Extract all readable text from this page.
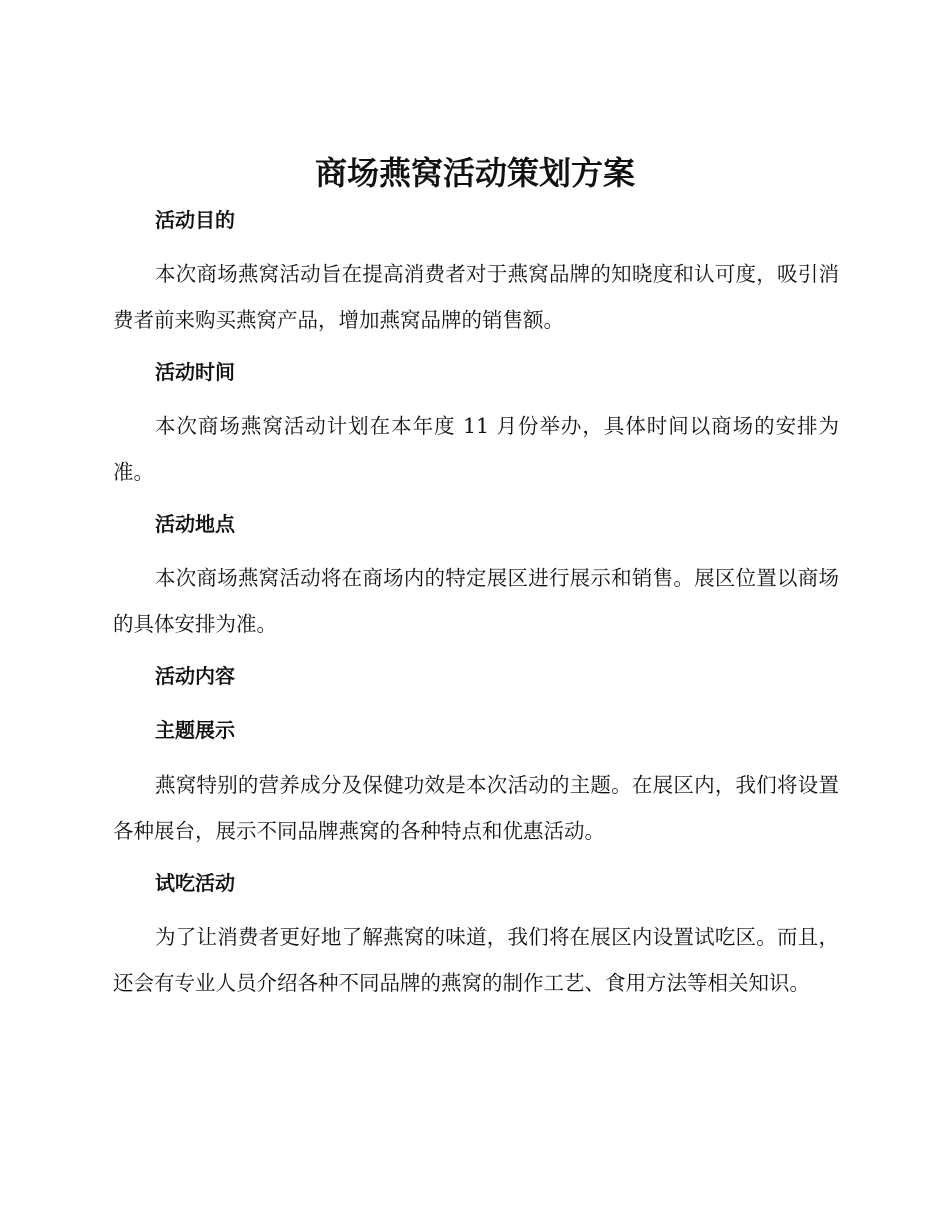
商场燕窝活动策划方案
活动目的

本次商场燕窝活动旨在提高消费者对于燕窝品牌的知晓度和认可度，吸引消费者前来购买燕窝产品，增加燕窝品牌的销售额。

活动时间

本次商场燕窝活动计划在本年度 11 月份举办，具体时间以商场的安排为准。

活动地点

本次商场燕窝活动将在商场内的特定展区进行展示和销售。展区位置以商场的具体安排为准。

活动内容
主题展示

燕窝特别的营养成分及保健功效是本次活动的主题。在展区内，我们将设置各种展台，展示不同品牌燕窝的各种特点和优惠活动。

试吃活动

为了让消费者更好地了解燕窝的味道，我们将在展区内设置试吃区。而且，还会有专业人员介绍各种不同品牌的燕窝的制作工艺、食用方法等相关知识。
